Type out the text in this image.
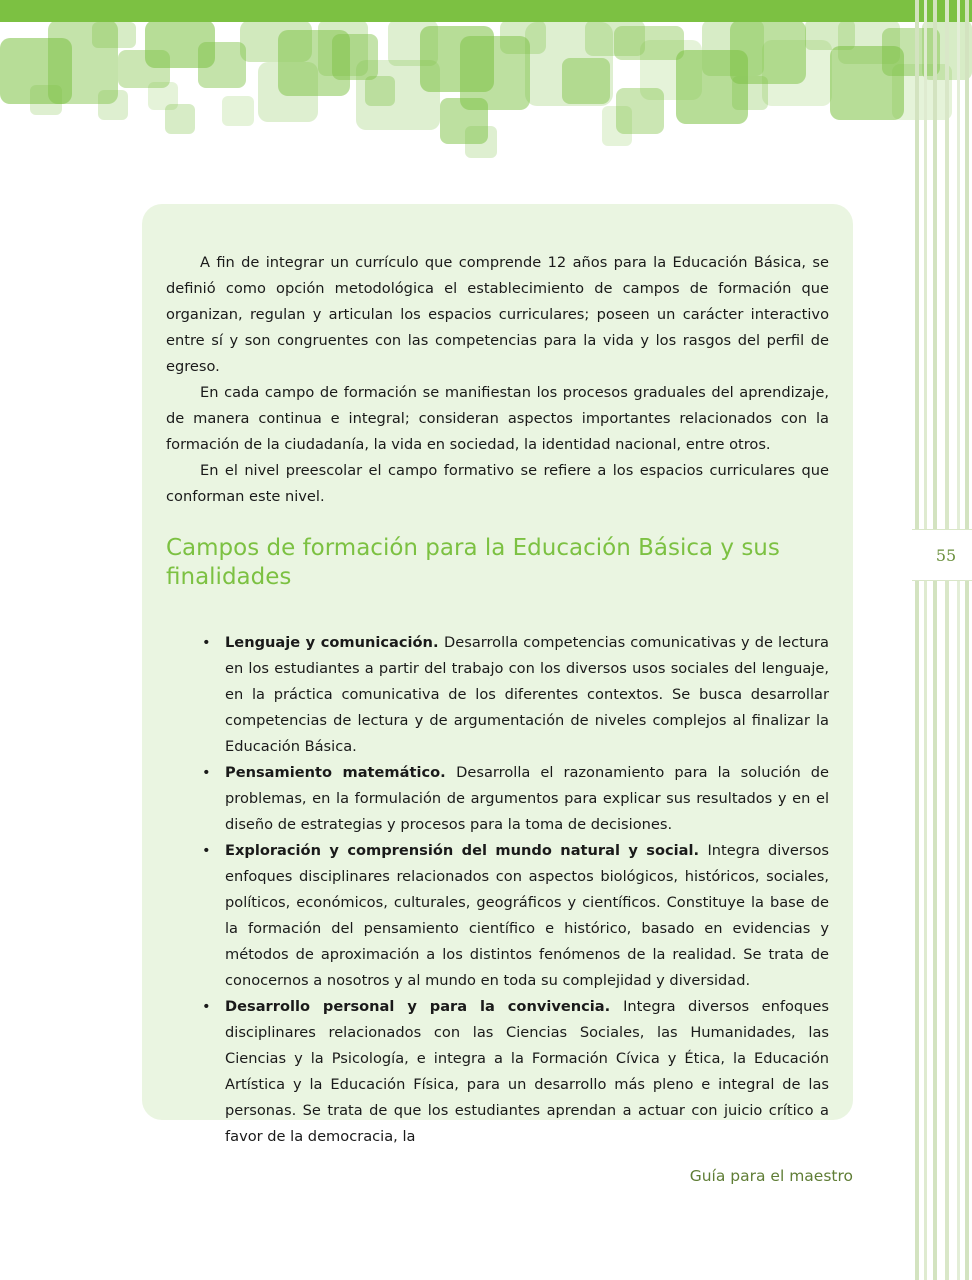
55

A fin de integrar un currículo que comprende 12 años para la Educación Básica, se definió como opción metodológica el establecimiento de campos de formación que organizan, regulan y articulan los espacios curriculares; poseen un carácter interactivo entre sí y son congruentes con las competencias para la vida y los rasgos del perfil de egreso.

En cada campo de formación se manifiestan los procesos graduales del aprendizaje, de manera continua e integral; consideran aspectos importantes relacionados con la formación de la ciudadanía, la vida en sociedad, la identidad nacional, entre otros.

En el nivel preescolar el campo formativo se refiere a los espacios curriculares que conforman este nivel.

Campos de formación para la Educación Básica y sus finalidades
• Lenguaje y comunicación. Desarrolla competencias comunicativas y de lectura en los estudiantes a partir del trabajo con los diversos usos sociales del lenguaje, en la práctica comunicativa de los diferentes contextos. Se busca desarrollar competencias de lectura y de argumentación de niveles complejos al finalizar la Educación Básica.
• Pensamiento matemático. Desarrolla el razonamiento para la solución de problemas, en la formulación de argumentos para explicar sus resultados y en el diseño de estrategias y procesos para la toma de decisiones.
• Exploración y comprensión del mundo natural y social. Integra diversos enfoques disciplinares relacionados con aspectos biológicos, históricos, sociales, políticos, económicos, culturales, geográficos y científicos. Constituye la base de la formación del pensamiento científico e histórico, basado en evidencias y métodos de aproximación a los distintos fenómenos de la realidad. Se trata de conocernos a nosotros y al mundo en toda su complejidad y diversidad.
• Desarrollo personal y para la convivencia. Integra diversos enfoques disciplinares relacionados con las Ciencias Sociales, las Humanidades, las Ciencias y la Psicología, e integra a la Formación Cívica y Ética, la Educación Artística y la Educación Física, para un desarrollo más pleno e integral de las personas. Se trata de que los estudiantes aprendan a actuar con juicio crítico a favor de la democracia, la
Guía para el maestro
